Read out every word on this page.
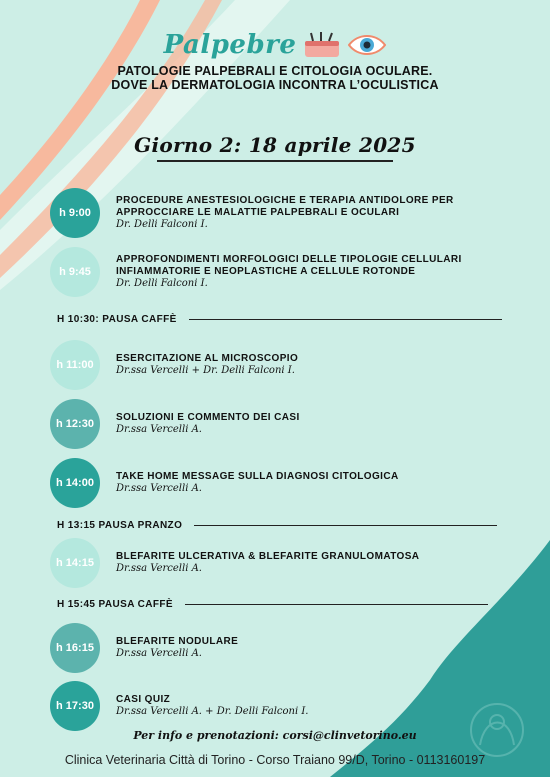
Palpebre
PATOLOGIE PALPEBRALI E CITOLOGIA OCULARE.
DOVE LA DERMATOLOGIA INCONTRA L’OCULISTICA
Giorno 2: 18 aprile 2025
h 9:00
PROCEDURE ANESTESIOLOGICHE E TERAPIA ANTIDOLORE PER
APPROCCIARE LE MALATTIE PALPEBRALI E OCULARI
Dr. Delli Falconi I.
h 9:45
APPROFONDIMENTI MORFOLOGICI DELLE TIPOLOGIE CELLULARI
INFIAMMATORIE E NEOPLASTICHE A CELLULE ROTONDE
Dr. Delli Falconi I.
H 10:30: PAUSA CAFFÈ
h 11:00
ESERCITAZIONE AL MICROSCOPIO
Dr.ssa Vercelli + Dr. Delli Falconi I.
h 12:30
SOLUZIONI E COMMENTO DEI CASI
Dr.ssa Vercelli A.
h 14:00
TAKE HOME MESSAGE SULLA DIAGNOSI CITOLOGICA
Dr.ssa Vercelli A.
H 13:15 PAUSA PRANZO
h 14:15
BLEFARITE ULCERATIVA & BLEFARITE GRANULOMATOSA
Dr.ssa Vercelli A.
H 15:45 PAUSA CAFFÈ
h 16:15
BLEFARITE NODULARE
Dr.ssa Vercelli A.
h 17:30
CASI QUIZ
Dr.ssa Vercelli A. + Dr. Delli Falconi I.
Per info e prenotazioni: corsi@clinvetorino.eu
Clinica Veterinaria Città di Torino - Corso Traiano 99/D, Torino - 0113160197
